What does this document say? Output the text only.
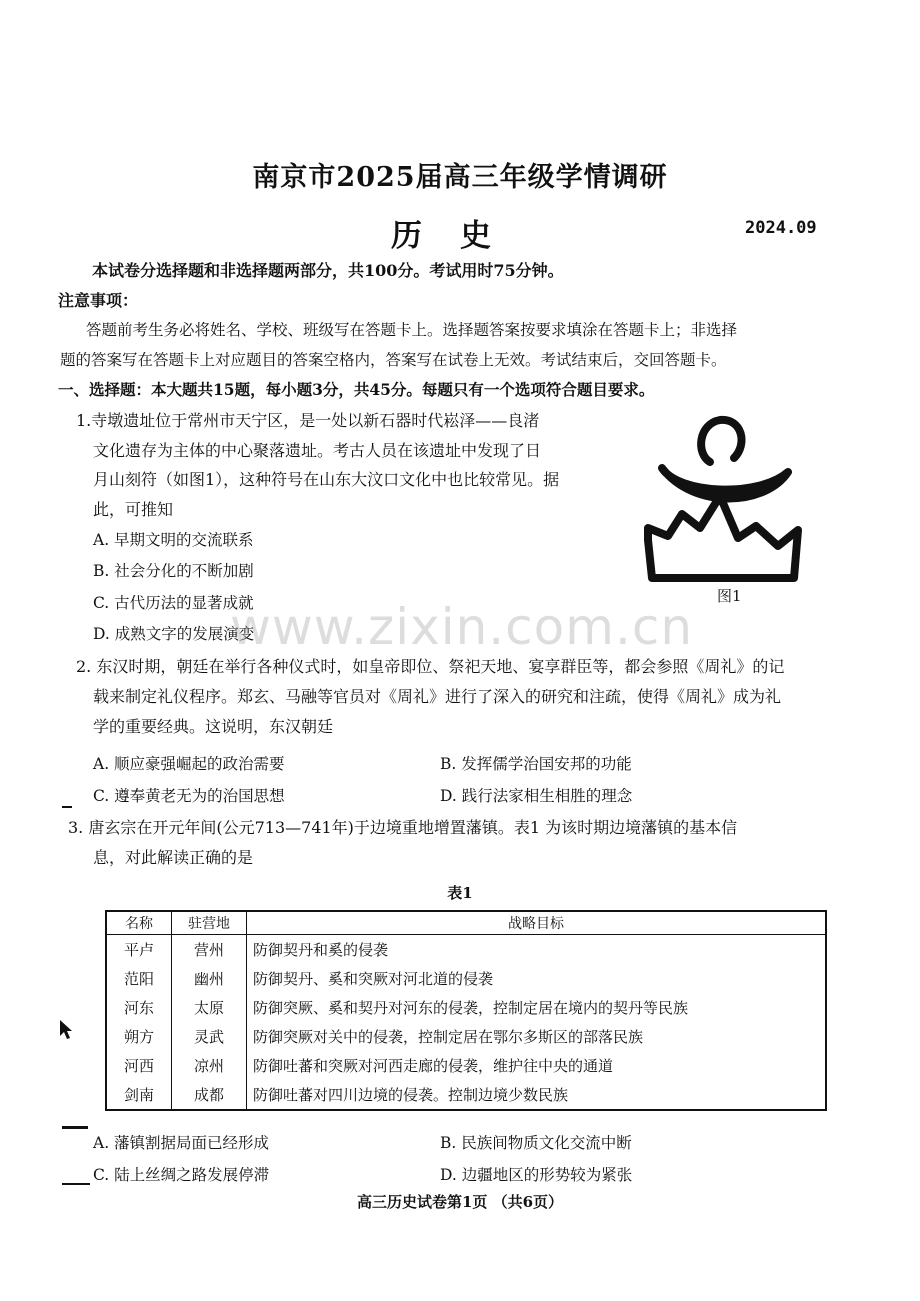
南京市2025届高三年级学情调研
历史	2024.09
本试卷分选择题和非选择题两部分，共100分。考试用时75分钟。
注意事项：
答题前考生务必将姓名、学校、班级写在答题卡上。选择题答案按要求填涂在答题卡上；非选择
题的答案写在答题卡上对应题目的答案空格内，答案写在试卷上无效。考试结束后，交回答题卡。
一、选择题：本大题共15题，每小题3分，共45分。每题只有一个选项符合题目要求。
1.寺墩遗址位于常州市天宁区，是一处以新石器时代崧泽——良渚
文化遗存为主体的中心聚落遗址。考古人员在该遗址中发现了日
月山刻符（如图1），这种符号在山东大汶口文化中也比较常见。据
此，可推知
A. 早期文明的交流联系
B. 社会分化的不断加剧
C. 古代历法的显著成就
D. 成熟文字的发展演变
图1
www.zixin.com.cn
2. 东汉时期，朝廷在举行各种仪式时，如皇帝即位、祭祀天地、宴享群臣等，都会参照《周礼》的记
载来制定礼仪程序。郑玄、马融等官员对《周礼》进行了深入的研究和注疏，使得《周礼》成为礼
学的重要经典。这说明，东汉朝廷
A. 顺应豪强崛起的政治需要	B. 发挥儒学治国安邦的功能
C. 遵奉黄老无为的治国思想	D. 践行法家相生相胜的理念
3. 唐玄宗在开元年间(公元713—741年)于边境重地增置藩镇。表1 为该时期边境藩镇的基本信
息，对此解读正确的是
表1
名称	驻营地	战略目标
平卢	营州	防御契丹和奚的侵袭
范阳	幽州	防御契丹、奚和突厥对河北道的侵袭
河东	太原	防御突厥、奚和契丹对河东的侵袭，控制定居在境内的契丹等民族
朔方	灵武	防御突厥对关中的侵袭，控制定居在鄂尔多斯区的部落民族
河西	凉州	防御吐蕃和突厥对河西走廊的侵袭，维护往中央的通道
剑南	成都	防御吐蕃对四川边境的侵袭。控制边境少数民族
A. 藩镇割据局面已经形成	B. 民族间物质文化交流中断
C. 陆上丝绸之路发展停滞	D. 边疆地区的形势较为紧张
高三历史试卷第1页 （共6页）
